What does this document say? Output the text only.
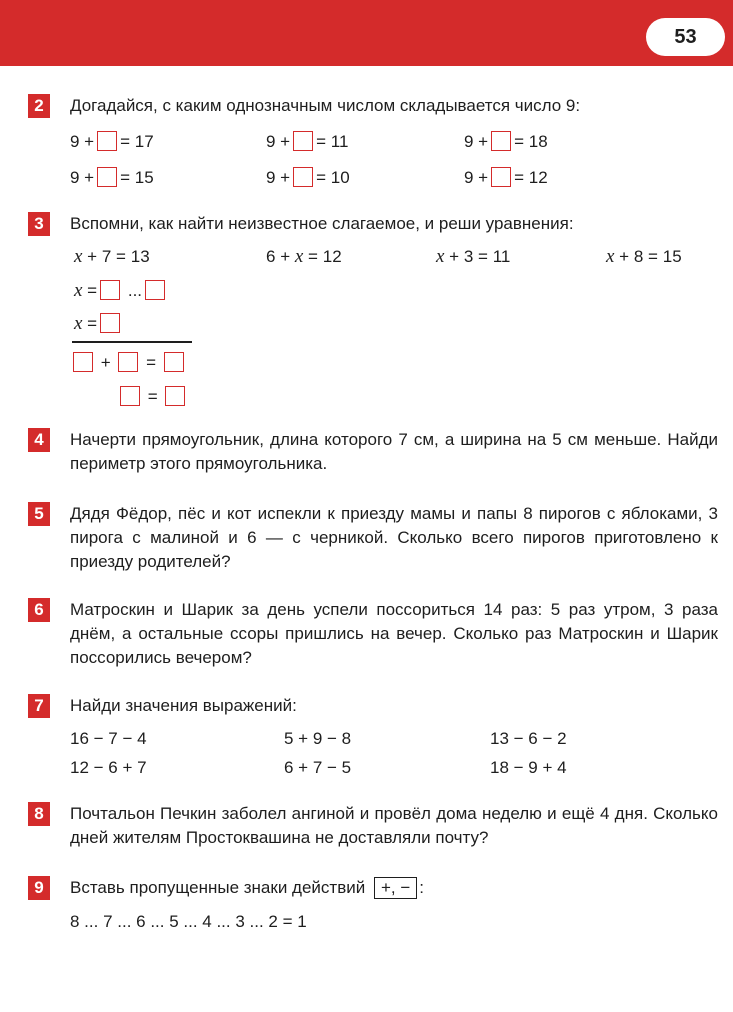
53
2	Догадайся, с каким однозначным числом складывается число 9:
9 + = 17	9 + = 11	9 + = 18
9 + = 15	9 + = 10	9 + = 12
3	Вспомни, как найти неизвестное слагаемое, и реши уравнения:
x + 7 = 13	6 + x = 12	x + 3 = 11	x + 8 = 15
x = ...
x =
+ =
=
4	Начерти прямоугольник, длина которого 7 см, а ширина на 5 см меньше. Найди периметр этого прямоугольника.
5	Дядя Фёдор, пёс и кот испекли к приезду мамы и папы 8 пирогов с яблоками, 3 пирога с малиной и 6 — с черникой. Сколько всего пирогов приготовлено к приезду родителей?
6	Матроскин и Шарик за день успели поссориться 14 раз: 5 раз утром, 3 раза днём, а остальные ссоры пришлись на вечер. Сколько раз Матроскин и Шарик поссорились вечером?
7	Найди значения выражений:
16 − 7 − 4	5 + 9 − 8	13 − 6 − 2
12 − 6 + 7	6 + 7 − 5	18 − 9 + 4
8	Почтальон Печкин заболел ангиной и провёл дома неделю и ещё 4 дня. Сколько дней жителям Простоквашина не доставляли почту?
9	Вставь пропущенные знаки действий +, − :
8 ... 7 ... 6 ... 5 ... 4 ... 3 ... 2 = 1
